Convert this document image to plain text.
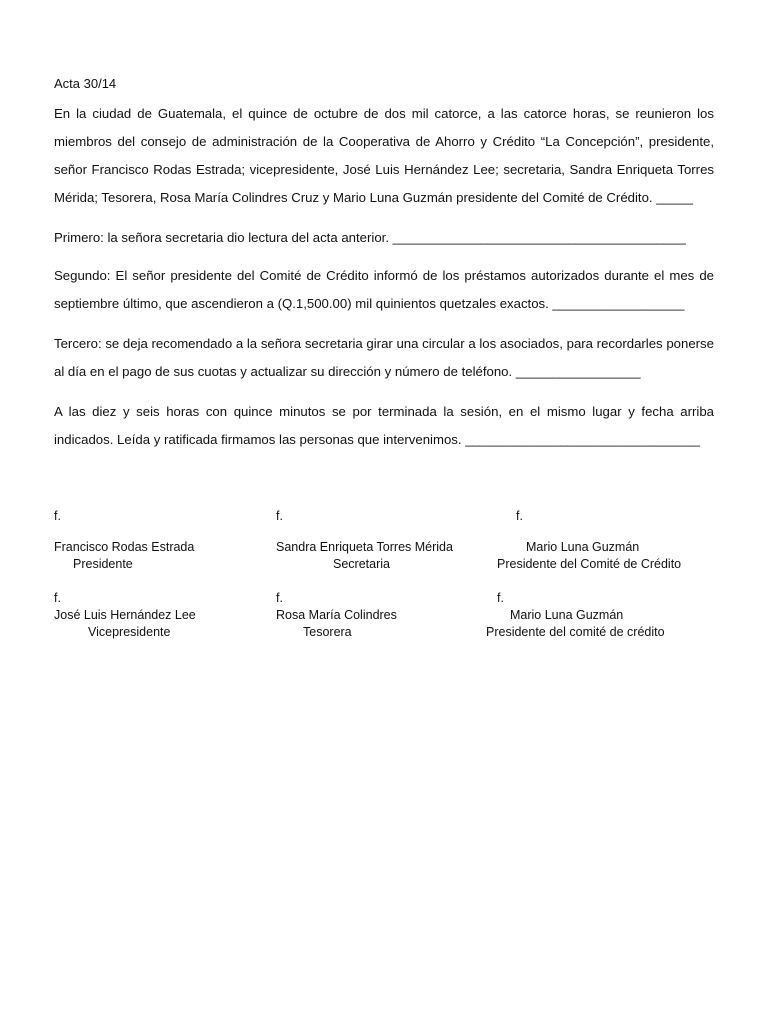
Acta 30/14

En la ciudad de Guatemala, el quince de octubre de dos mil catorce, a las catorce horas, se reunieron los miembros del consejo de administración de la Cooperativa de Ahorro y Crédito “La Concepción”, presidente, señor Francisco Rodas Estrada; vicepresidente, José Luis Hernández Lee; secretaria, Sandra Enriqueta Torres Mérida; Tesorera, Rosa María Colindres Cruz y Mario Luna Guzmán presidente del Comité de Crédito. _____

Primero: la señora secretaria dio lectura del acta anterior. ________________________________________

Segundo: El señor presidente del Comité de Crédito informó de los préstamos autorizados durante el mes de septiembre último, que ascendieron a (Q.1,500.00) mil quinientos quetzales exactos. __________________

Tercero: se deja recomendado a la señora secretaria girar una circular a los asociados, para recordarles ponerse al día en el pago de sus cuotas y actualizar su dirección y número de teléfono. _________________

A las diez y seis horas con quince minutos se por terminada la sesión, en el mismo lugar y fecha arriba indicados. Leída y ratificada firmamos las personas que intervenimos. ________________________________

f.
Francisco Rodas Estrada
Presidente
f.
Sandra Enriqueta Torres Mérida
Secretaria
f.
Mario Luna Guzmán
Presidente del Comité de Crédito
f.
José Luis Hernández Lee
Vicepresidente
f.
Rosa María Colindres
Tesorera
f.
Mario Luna Guzmán
Presidente del comité de crédito
